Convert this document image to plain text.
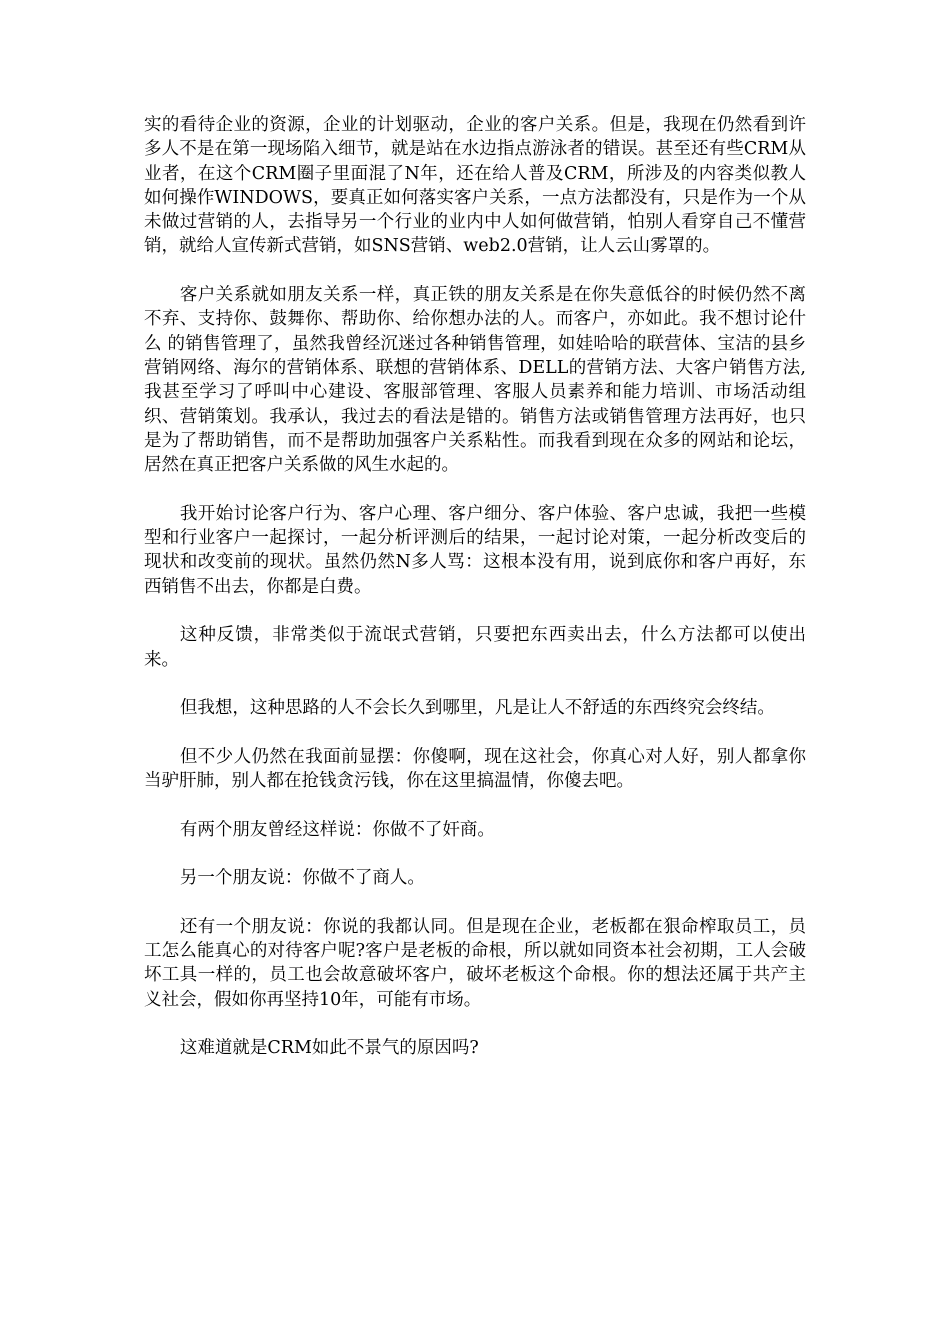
实的看待企业的资源，企业的计划驱动，企业的客户关系。但是，我现在仍然看到许多人不是在第一现场陷入细节，就是站在水边指点游泳者的错误。甚至还有些CRM从业者，在这个CRM圈子里面混了N年，还在给人普及CRM，所涉及的内容类似教人如何操作WINDOWS，要真正如何落实客户关系，一点方法都没有，只是作为一个从未做过营销的人，去指导另一个行业的业内中人如何做营销，怕别人看穿自己不懂营销，就给人宣传新式营销，如SNS营销、web2.0营销，让人云山雾罩的。

客户关系就如朋友关系一样，真正铁的朋友关系是在你失意低谷的时候仍然不离不弃、支持你、鼓舞你、帮助你、给你想办法的人。而客户，亦如此。我不想讨论什么 的销售管理了，虽然我曾经沉迷过各种销售管理，如娃哈哈的联营体、宝洁的县乡营销网络、海尔的营销体系、联想的营销体系、DELL的营销方法、大客户销售方法,我甚至学习了呼叫中心建设、客服部管理、客服人员素养和能力培训、市场活动组织、营销策划。我承认，我过去的看法是错的。销售方法或销售管理方法再好，也只是为了帮助销售，而不是帮助加强客户关系粘性。而我看到现在众多的网站和论坛，居然在真正把客户关系做的风生水起的。

我开始讨论客户行为、客户心理、客户细分、客户体验、客户忠诚，我把一些模型和行业客户一起探讨，一起分析评测后的结果，一起讨论对策，一起分析改变后的现状和改变前的现状。虽然仍然N多人骂：这根本没有用，说到底你和客户再好，东西销售不出去，你都是白费。

这种反馈，非常类似于流氓式营销，只要把东西卖出去，什么方法都可以使出来。

但我想，这种思路的人不会长久到哪里，凡是让人不舒适的东西终究会终结。

但不少人仍然在我面前显摆：你傻啊，现在这社会，你真心对人好，别人都拿你当驴肝肺，别人都在抢钱贪污钱，你在这里搞温情，你傻去吧。

有两个朋友曾经这样说：你做不了奸商。

另一个朋友说：你做不了商人。

还有一个朋友说：你说的我都认同。但是现在企业，老板都在狠命榨取员工，员工怎么能真心的对待客户呢?客户是老板的命根，所以就如同资本社会初期，工人会破坏工具一样的，员工也会故意破坏客户，破坏老板这个命根。你的想法还属于共产主义社会，假如你再坚持10年，可能有市场。

这难道就是CRM如此不景气的原因吗?
